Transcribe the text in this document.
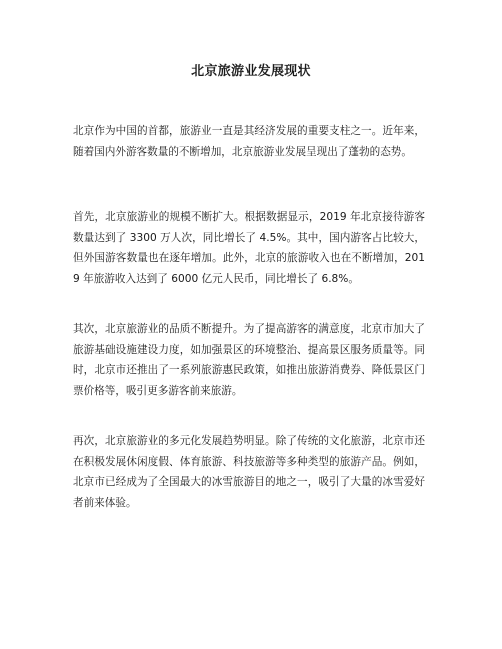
北京旅游业发展现状

北京作为中国的首都，旅游业一直是其经济发展的重要支柱之一。近年来，随着国内外游客数量的不断增加，北京旅游业发展呈现出了蓬勃的态势。

首先，北京旅游业的规模不断扩大。根据数据显示，2019 年北京接待游客数量达到了 3300 万人次，同比增长了 4.5%。其中，国内游客占比较大，但外国游客数量也在逐年增加。此外，北京的旅游收入也在不断增加，2019 年旅游收入达到了 6000 亿元人民币，同比增长了 6.8%。

其次，北京旅游业的品质不断提升。为了提高游客的满意度，北京市加大了旅游基础设施建设力度，如加强景区的环境整治、提高景区服务质量等。同时，北京市还推出了一系列旅游惠民政策，如推出旅游消费券、降低景区门票价格等，吸引更多游客前来旅游。

再次，北京旅游业的多元化发展趋势明显。除了传统的文化旅游，北京市还在积极发展休闲度假、体育旅游、科技旅游等多种类型的旅游产品。例如，北京市已经成为了全国最大的冰雪旅游目的地之一，吸引了大量的冰雪爱好者前来体验。
